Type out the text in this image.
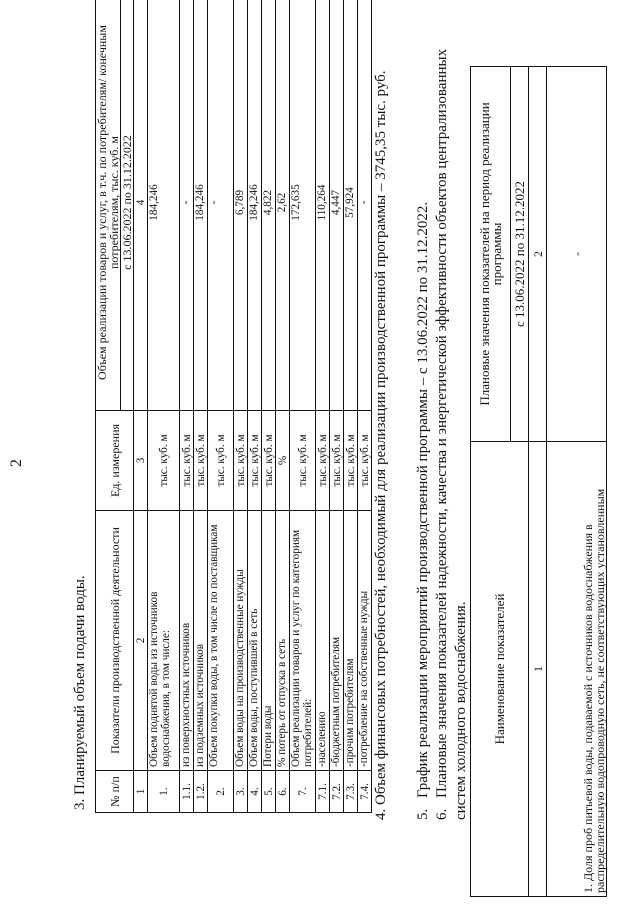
2
3. Планируемый объем подачи воды. № п/п	Показатели производственной деятельности	Ед. измерения	Объем реализации товаров и услуг, в т.ч. по потребителям/ конечным потребителям, тыс. куб. м
			с 13.06.2022 по 31.12.2022
1	2	3	4
1.	Объем поднятой воды из источников водоснабжения, в том числе:	тыс. куб. м	184,246
1.1.	из поверхностных источников	тыс. куб. м	-
1.2.	из подземных источников	тыс. куб. м	184,246
2.	Объем покупки воды, в том числе по поставщикам	тыс. куб. м	-
3.	Объем воды на производственные нужды	тыс. куб. м	6,789
4.	Объем воды, поступившей в сеть	тыс. куб. м	184,246
5.	Потери воды	тыс. куб. м	4,822
6.	% потерь от отпуска в сеть	%	2,62
7.	Объем реализации товаров и услуг по категориям потребителей:	тыс. куб. м	172,635
7.1.	-населению	тыс. куб. м	110,264
7.2.	-бюджетным потребителям	тыс. куб. м	4,447
7.3.	-прочим потребителям	тыс. куб. м	57,924
7.4.	-потребление на собственные нужды	тыс. куб. м	- 4. Объем финансовых потребностей, необходимый для реализации производственной программы – 3745,35 тыс. руб. 5.График реализации мероприятий производственной программы – с 13.06.2022 по 31.12.2022.
6.Плановые значения показателей надежности, качества и энергетической эффективности объектов централизованных систем холодного водоснабжения. Наименование показателей	Плановые значения показателей на период реализации программы
	с 13.06.2022 по 31.12.2022
1	2
1. Доля проб питьевой воды, подаваемой с источников водоснабжения в распределительную водопроводную сеть, не соответствующих установленным	-
